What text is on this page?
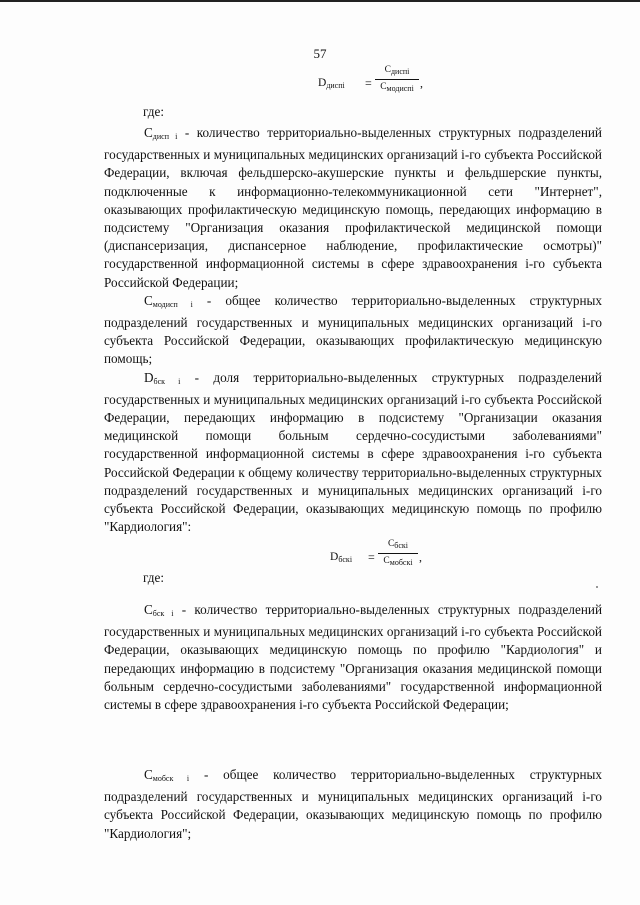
57
$D_{диспi}$ =
$C_{диспi}$
$C_{модиспi}$ ,
где:

$C_{дисп i}$ - количество территориально-выделенных структурных подразделений государственных и муниципальных медицинских организаций i-го субъекта Российской Федерации, включая фельдшерско-акушерские пункты и фельдшерские пункты, подключенные к информационно-телекоммуникационной сети "Интернет", оказывающих профилактическую медицинскую помощь, передающих информацию в подсистему "Организация оказания профилактической медицинской помощи (диспансеризация, диспансерное наблюдение, профилактические осмотры)" государственной информационной системы в сфере здравоохранения i-го субъекта Российской Федерации;

$C_{модисп i}$ - общее количество территориально-выделенных структурных подразделений государственных и муниципальных медицинских организаций i-го субъекта Российской Федерации, оказывающих профилактическую медицинскую помощь;

$D_{бск i}$ - доля территориально-выделенных структурных подразделений государственных и муниципальных медицинских организаций i-го субъекта Российской Федерации, передающих информацию в подсистему "Организации оказания медицинской помощи больным сердечно-сосудистыми заболеваниями" государственной информационной системы в сфере здравоохранения i-го субъекта Российской Федерации к общему количеству территориально-выделенных структурных подразделений государственных и муниципальных медицинских организаций i-го субъекта Российской Федерации, оказывающих медицинскую помощь по профилю "Кардиология":

$D_{бскi}$ =
$C_{бскi}$
$C_{мобскi}$ ,
где:

$C_{бск i}$ - количество территориально-выделенных структурных подразделений государственных и муниципальных медицинских организаций i-го субъекта Российской Федерации, оказывающих медицинскую помощь по профилю "Кардиология" и передающих информацию в подсистему "Организация оказания медицинской помощи больным сердечно-сосудистыми заболеваниями" государственной информационной системы в сфере здравоохранения i-го субъекта Российской Федерации;

$C_{мобск i}$ - общее количество территориально-выделенных структурных подразделений государственных и муниципальных медицинских организаций i-го субъекта Российской Федерации, оказывающих медицинскую помощь по профилю "Кардиология";
